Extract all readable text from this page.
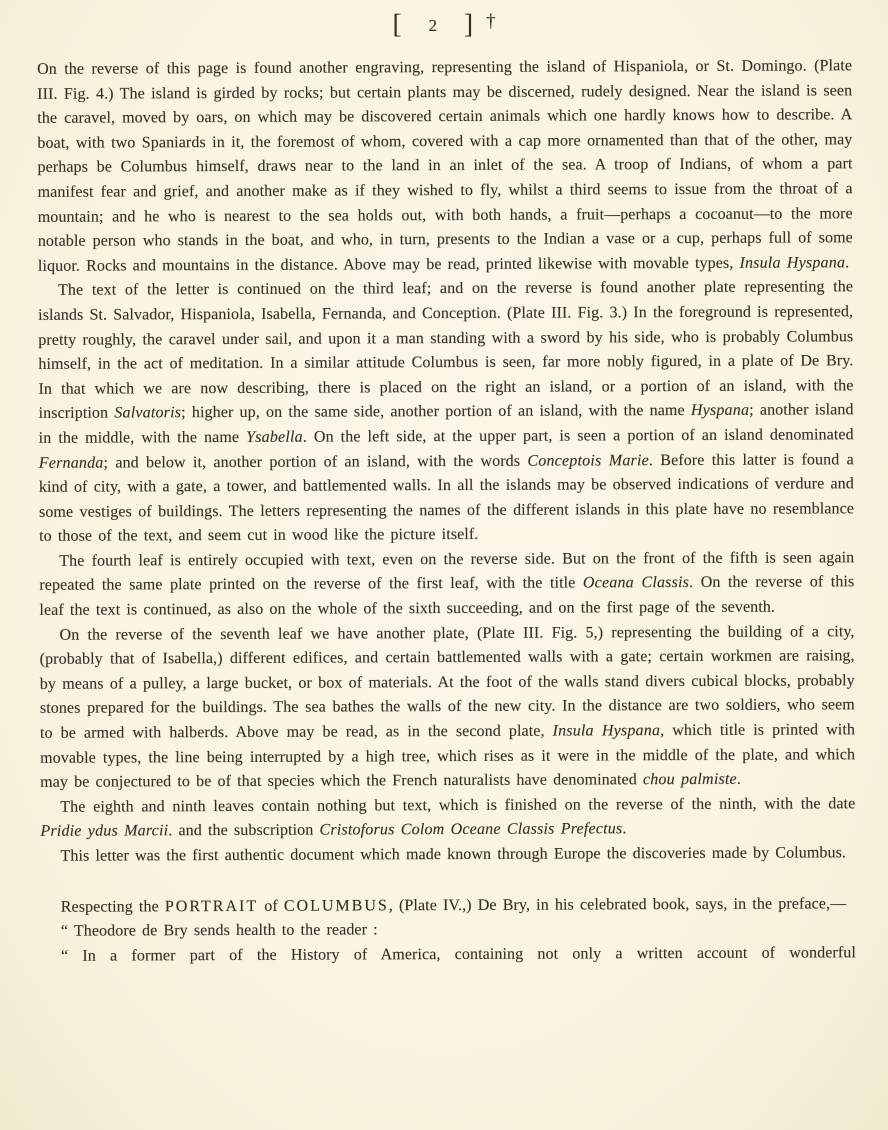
[ 2 ] †

On the reverse of this page is found another engraving, representing the island of Hispaniola, or St. Domingo. (Plate III. Fig. 4.) The island is girded by rocks; but certain plants may be discerned, rudely designed. Near the island is seen the caravel, moved by oars, on which may be discovered certain animals which one hardly knows how to describe. A boat, with two Spaniards in it, the foremost of whom, covered with a cap more ornamented than that of the other, may perhaps be Columbus himself, draws near to the land in an inlet of the sea. A troop of Indians, of whom a part manifest fear and grief, and another make as if they wished to fly, whilst a third seems to issue from the throat of a mountain; and he who is nearest to the sea holds out, with both hands, a fruit—perhaps a cocoanut—to the more notable person who stands in the boat, and who, in turn, presents to the Indian a vase or a cup, perhaps full of some liquor. Rocks and mountains in the distance. Above may be read, printed likewise with movable types, Insula Hyspana.

The text of the letter is continued on the third leaf; and on the reverse is found another plate representing the islands St. Salvador, Hispaniola, Isabella, Fernanda, and Conception. (Plate III. Fig. 3.) In the foreground is represented, pretty roughly, the caravel under sail, and upon it a man standing with a sword by his side, who is probably Columbus himself, in the act of meditation. In a similar attitude Columbus is seen, far more nobly figured, in a plate of De Bry. In that which we are now describing, there is placed on the right an island, or a portion of an island, with the inscription Salvatoris; higher up, on the same side, another portion of an island, with the name Hyspana; another island in the middle, with the name Ysabella. On the left side, at the upper part, is seen a portion of an island denominated Fernanda; and below it, another portion of an island, with the words Conceptois Marie. Before this latter is found a kind of city, with a gate, a tower, and battlemented walls. In all the islands may be observed indications of verdure and some vestiges of buildings. The letters representing the names of the different islands in this plate have no resemblance to those of the text, and seem cut in wood like the picture itself.

The fourth leaf is entirely occupied with text, even on the reverse side. But on the front of the fifth is seen again repeated the same plate printed on the reverse of the first leaf, with the title Oceana Classis. On the reverse of this leaf the text is continued, as also on the whole of the sixth succeeding, and on the first page of the seventh.

On the reverse of the seventh leaf we have another plate, (Plate III. Fig. 5,) representing the building of a city, (probably that of Isabella,) different edifices, and certain battlemented walls with a gate; certain workmen are raising, by means of a pulley, a large bucket, or box of materials. At the foot of the walls stand divers cubical blocks, probably stones prepared for the buildings. The sea bathes the walls of the new city. In the distance are two soldiers, who seem to be armed with halberds. Above may be read, as in the second plate, Insula Hyspana, which title is printed with movable types, the line being interrupted by a high tree, which rises as it were in the middle of the plate, and which may be conjectured to be of that species which the French naturalists have denominated chou palmiste.

The eighth and ninth leaves contain nothing but text, which is finished on the reverse of the ninth, with the date Pridie ydus Marcii. and the subscription Cristoforus Colom Oceane Classis Prefectus.

This letter was the first authentic document which made known through Europe the discoveries made by Columbus.

Respecting the PORTRAIT of COLUMBUS, (Plate IV.,) De Bry, in his celebrated book, says, in the preface,—

“ Theodore de Bry sends health to the reader :

“ In a former part of the History of America, containing not only a written account of wonderful
